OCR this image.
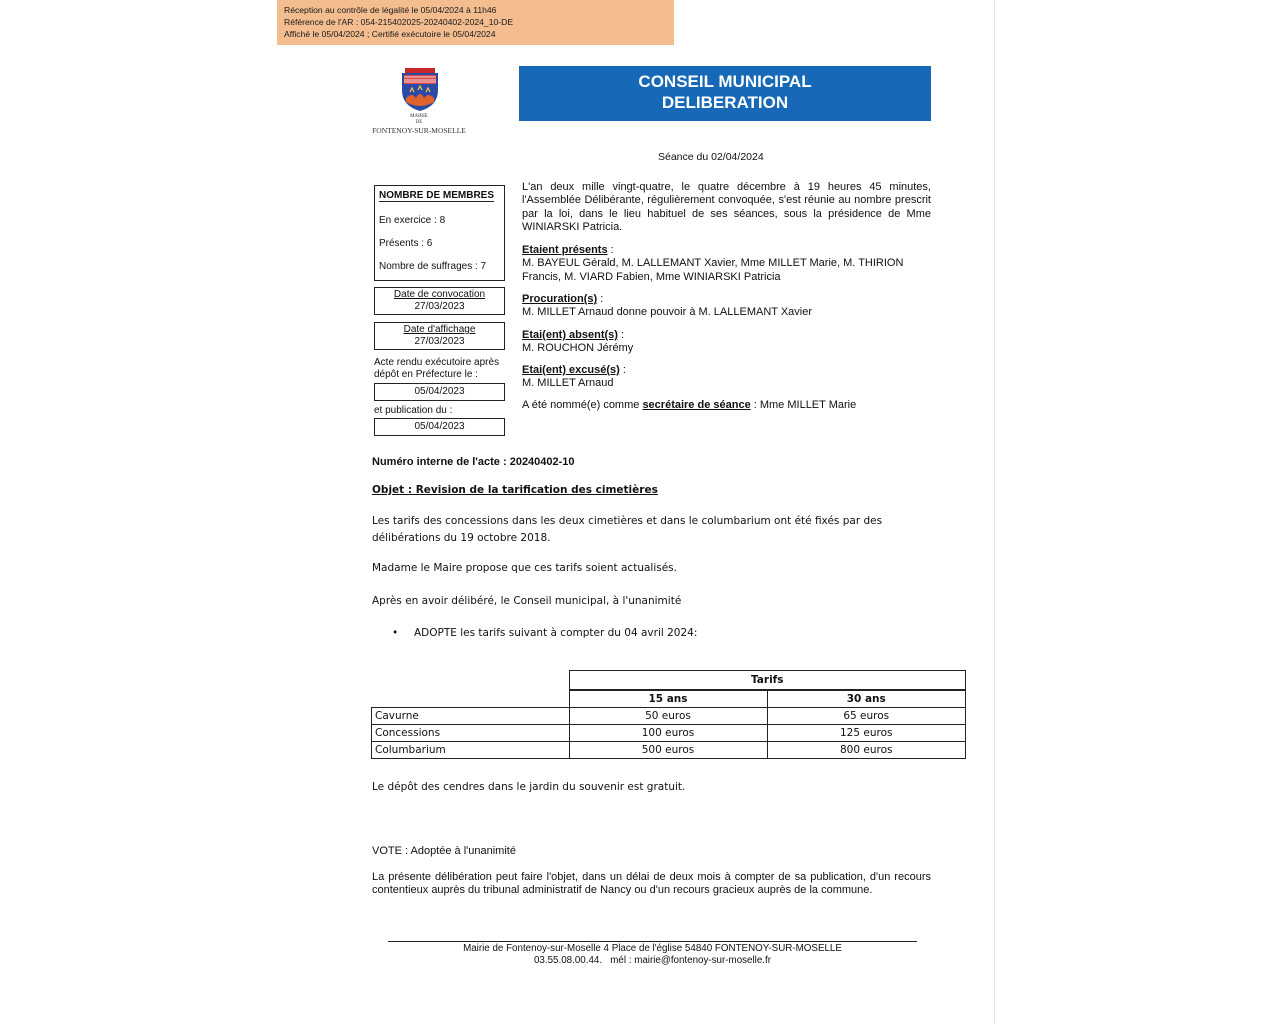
Réception au contrôle de légalité le 05/04/2024 à 11h46
Référence de l'AR : 054-215402025-20240402-2024_10-DE
Affiché le 05/04/2024 ; Certifié exécutoire le 05/04/2024
MAIRIE
DE
FONTENOY-SUR-MOSELLE
CONSEIL MUNICIPAL
DELIBERATION
Séance du 02/04/2024
NOMBRE DE MEMBRES
En exercice : 8
Présents : 6
Nombre de suffrages : 7
Date de convocation
27/03/2023
Date d'affichage
27/03/2023
Acte rendu exécutoire après
dépôt en Préfecture le :
05/04/2023
et publication du :
05/04/2023
L'an deux mille vingt-quatre, le quatre décembre à 19 heures 45 minutes, l'Assemblée Délibérante, régulièrement convoquée, s'est réunie au nombre prescrit par la loi, dans le lieu habituel de ses séances, sous la présidence de Mme WINIARSKI Patricia.
Etaient présents :
M. BAYEUL Gérald, M. LALLEMANT Xavier, Mme MILLET Marie, M. THIRION
Francis, M. VIARD Fabien, Mme WINIARSKI Patricia
Procuration(s) :
M. MILLET Arnaud donne pouvoir à M. LALLEMANT Xavier
Etai(ent) absent(s) :
M. ROUCHON Jérémy
Etai(ent) excusé(s) :
M. MILLET Arnaud
A été nommé(e) comme secrétaire de séance : Mme MILLET Marie
Numéro interne de l'acte : 20240402-10
Objet : Revision de la tarification des cimetières
Les tarifs des concessions dans les deux cimetières et dans le columbarium ont été fixés par des
délibérations du 19 octobre 2018.
Madame le Maire propose que ces tarifs soient actualisés.
Après en avoir délibéré, le Conseil municipal, à l'unanimité
• ADOPTE les tarifs suivant à compter du 04 avril 2024:
	Tarifs	
	15 ans	30 ans
Cavurne	50 euros	65 euros
Concessions	100 euros	125 euros
Columbarium	500 euros	800 euros
Le dépôt des cendres dans le jardin du souvenir est gratuit.
VOTE : Adoptée à l'unanimité
La présente délibération peut faire l'objet, dans un délai de deux mois à compter de sa publication, d'un recours contentieux auprès du tribunal administratif de Nancy ou d'un recours gracieux auprès de la commune.
Mairie de Fontenoy-sur-Moselle 4 Place de l'église 54840 FONTENOY-SUR-MOSELLE
03.55.08.00.44.   mél : mairie@fontenoy-sur-moselle.fr
